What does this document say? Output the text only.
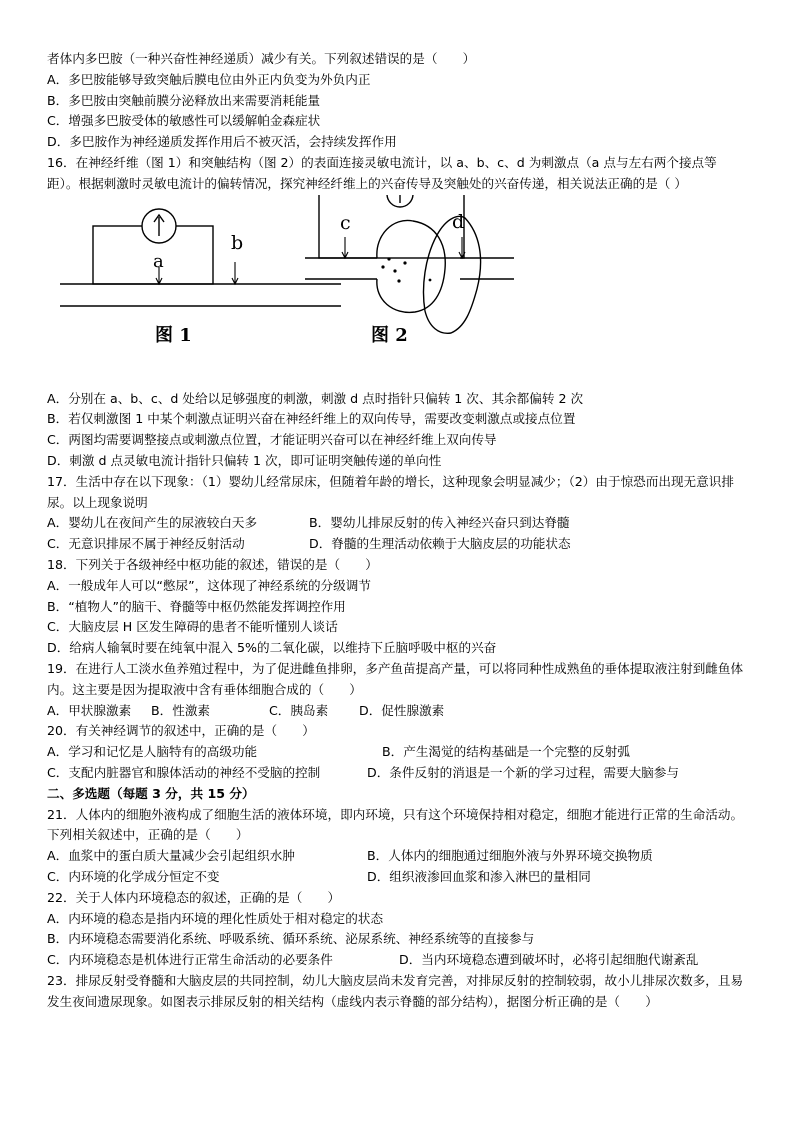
者体内多巴胺（一种兴奋性神经递质）减少有关。下列叙述错误的是（　　）
A．多巴胺能够导致突触后膜电位由外正内负变为外负内正
B．多巴胺由突触前膜分泌释放出来需要消耗能量
C．增强多巴胺受体的敏感性可以缓解帕金森症状
D．多巴胺作为神经递质发挥作用后不被灭活，会持续发挥作用
16．在神经纤维（图 1）和突触结构（图 2）的表面连接灵敏电流计，以 a、b、c、d 为刺激点（a 点与左右两个接点等距）。根据刺激时灵敏电流计的偏转情况，探究神经纤维上的兴奋传导及突触处的兴奋传递，相关说法正确的是（ ）
a
b
图 1
c	d
图 2
A．分别在 a、b、c、d 处给以足够强度的刺激，刺激 d 点时指针只偏转 1 次、其余都偏转 2 次
B．若仅刺激图 1 中某个刺激点证明兴奋在神经纤维上的双向传导，需要改变刺激点或接点位置
C．两图均需要调整接点或刺激点位置，才能证明兴奋可以在神经纤维上双向传导
D．刺激 d 点灵敏电流计指针只偏转 1 次，即可证明突触传递的单向性
17．生活中存在以下现象：（1）婴幼儿经常尿床，但随着年龄的增长，这种现象会明显减少；（2）由于惊恐而出现无意识排尿。以上现象说明
A．婴幼儿在夜间产生的尿液较白天多	B．婴幼儿排尿反射的传入神经兴奋只到达脊髓
C．无意识排尿不属于神经反射活动	D．脊髓的生理活动依赖于大脑皮层的功能状态
18．下列关于各级神经中枢功能的叙述，错误的是（　　）
A．一般成年人可以“憋尿”，这体现了神经系统的分级调节
B．“植物人”的脑干、脊髓等中枢仍然能发挥调控作用
C．大脑皮层 H 区发生障碍的患者不能听懂别人谈话
D．给病人输氧时要在纯氧中混入 5%的二氧化碳，以维持下丘脑呼吸中枢的兴奋
19．在进行人工淡水鱼养殖过程中，为了促进雌鱼排卵，多产鱼苗提高产量，可以将同种性成熟鱼的垂体提取液注射到雌鱼体内。这主要是因为提取液中含有垂体细胞合成的（　　）
A．甲状腺激素	B．性激素	C．胰岛素	D．促性腺激素
20．有关神经调节的叙述中，正确的是（　　）
A．学习和记忆是人脑特有的高级功能	B．产生渴觉的结构基础是一个完整的反射弧
C．支配内脏器官和腺体活动的神经不受脑的控制	D．条件反射的消退是一个新的学习过程，需要大脑参与
二、多选题（每题 3 分，共 15 分）
21．人体内的细胞外液构成了细胞生活的液体环境，即内环境，只有这个环境保持相对稳定，细胞才能进行正常的生命活动。下列相关叙述中，正确的是（　　）
A．血浆中的蛋白质大量减少会引起组织水肿	B．人体内的细胞通过细胞外液与外界环境交换物质
C．内环境的化学成分恒定不变	D．组织液渗回血浆和渗入淋巴的量相同
22．关于人体内环境稳态的叙述，正确的是（　　）
A．内环境的稳态是指内环境的理化性质处于相对稳定的状态
B．内环境稳态需要消化系统、呼吸系统、循环系统、泌尿系统、神经系统等的直接参与
C．内环境稳态是机体进行正常生命活动的必要条件	D．当内环境稳态遭到破坏时，必将引起细胞代谢紊乱
23．排尿反射受脊髓和大脑皮层的共同控制，幼儿大脑皮层尚未发育完善，对排尿反射的控制较弱，故小儿排尿次数多，且易发生夜间遗尿现象。如图表示排尿反射的相关结构（虚线内表示脊髓的部分结构），据图分析正确的是（　　）
